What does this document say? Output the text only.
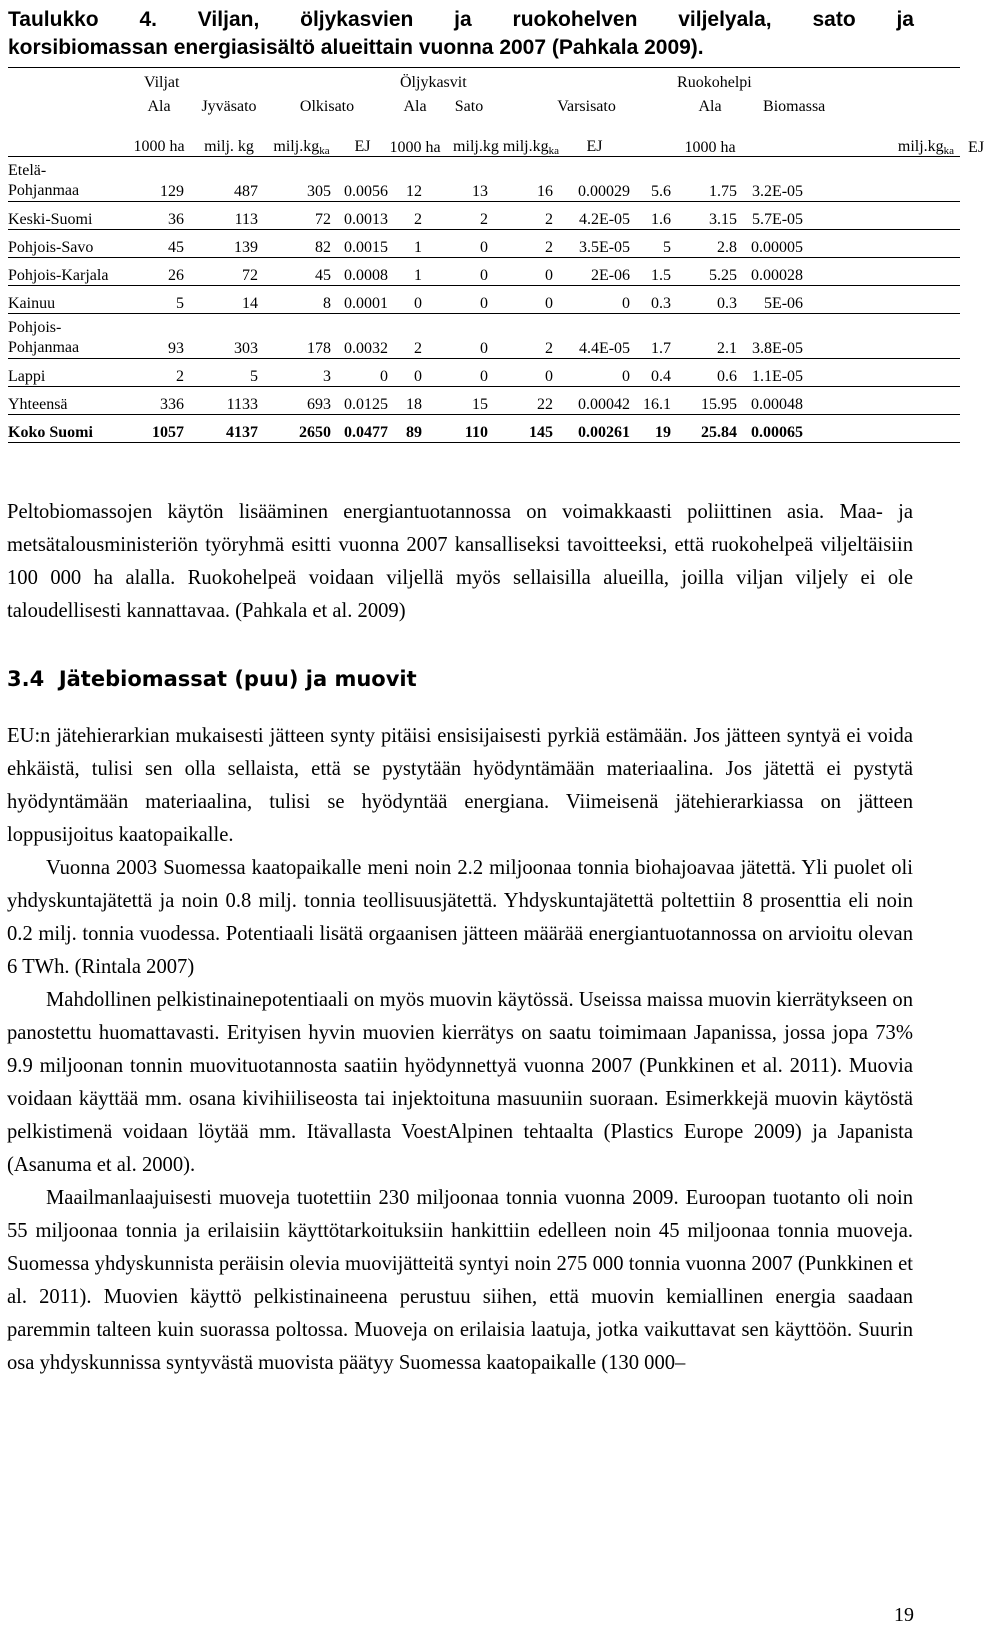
Taulukko 4. Viljan, öljykasvien ja ruokohelven viljelyala, sato ja
korsibiomassan energiasisältö alueittain vuonna 2007 (Pahkala 2009).
	Viljat				Öljykasvit					Ruokohelpi			
	Ala	Jyväsato	Olkisato		Ala	Sato	Varsisato			Ala	Biomassa		
	1000 ha	milj. kg	$milj.kg_{ka}$	EJ	1000 ha	milj.kg $milj.kg_{ka}$		EJ		1000 ha	$milj.kg_{ka}$		EJ
Etelä-
Pohjanmaa	129	487	305	0.0056	12	13	16	0.00029	5.6	1.75	3.2E-05		
Keski-Suomi	36	113	72	0.0013	2	2	2	4.2E-05	1.6	3.15	5.7E-05		
Pohjois-Savo	45	139	82	0.0015	1	0	2	3.5E-05	5	2.8	0.00005		
Pohjois-Karjala	26	72	45	0.0008	1	0	0	2E-06	1.5	5.25	0.00028		
Kainuu	5	14	8	0.0001	0	0	0	0	0.3	0.3	5E-06		
Pohjois-
Pohjanmaa	93	303	178	0.0032	2	0	2	4.4E-05	1.7	2.1	3.8E-05		
Lappi	2	5	3	0	0	0	0	0	0.4	0.6	1.1E-05		
Yhteensä	336	1133	693	0.0125	18	15	22	0.00042	16.1	15.95	0.00048		
Koko Suomi	1057	4137	2650	0.0477	89	110	145	0.00261	19	25.84	0.00065		
Peltobiomassojen käytön lisääminen energiantuotannossa on voimakkaasti poliittinen asia. Maa- ja metsätalousministeriön työryhmä esitti vuonna 2007 kansalliseksi tavoitteeksi, että ruokohelpeä viljeltäisiin 100 000 ha alalla. Ruokohelpeä voidaan viljellä myös sellaisilla alueilla, joilla viljan viljely ei ole taloudellisesti kannattavaa. (Pahkala et al. 2009)
3.4  Jätebiomassat (puu) ja muovit

EU:n jätehierarkian mukaisesti jätteen synty pitäisi ensisijaisesti pyrkiä estämään. Jos jätteen syntyä ei voida ehkäistä, tulisi sen olla sellaista, että se pystytään hyödyntämään materiaalina. Jos jätettä ei pystytä hyödyntämään materiaalina, tulisi se hyödyntää energiana. Viimeisenä jätehierarkiassa on jätteen loppusijoitus kaatopaikalle.

Vuonna 2003 Suomessa kaatopaikalle meni noin 2.2 miljoonaa tonnia biohajoavaa jätettä. Yli puolet oli yhdyskuntajätettä ja noin 0.8 milj. tonnia teollisuusjätettä. Yhdyskuntajätettä poltettiin 8 prosenttia eli noin 0.2 milj. tonnia vuodessa. Potentiaali lisätä orgaanisen jätteen määrää energiantuotannossa on arvioitu olevan 6 TWh. (Rintala 2007)

Mahdollinen pelkistinainepotentiaali on myös muovin käytössä. Useissa maissa muovin kierrätykseen on panostettu huomattavasti. Erityisen hyvin muovien kierrätys on saatu toimimaan Japanissa, jossa jopa 73% 9.9 miljoonan tonnin muovituotannosta saatiin hyödynnettyä vuonna 2007 (Punkkinen et al. 2011). Muovia voidaan käyttää mm. osana kivihiiliseosta tai injektoituna masuuniin suoraan. Esimerkkejä muovin käytöstä pelkistimenä voidaan löytää mm. Itävallasta VoestAlpinen tehtaalta (Plastics Europe 2009) ja Japanista (Asanuma et al. 2000).

Maailmanlaajuisesti muoveja tuotettiin 230 miljoonaa tonnia vuonna 2009. Euroopan tuotanto oli noin 55 miljoonaa tonnia ja erilaisiin käyttötarkoituksiin hankittiin edelleen noin 45 miljoonaa tonnia muoveja. Suomessa yhdyskunnista peräisin olevia muovijätteitä syntyi noin 275 000 tonnia vuonna 2007 (Punkkinen et al. 2011). Muovien käyttö pelkistinaineena perustuu siihen, että muovin kemiallinen energia saadaan paremmin talteen kuin suorassa poltossa. Muoveja on erilaisia laatuja, jotka vaikuttavat sen käyttöön. Suurin osa yhdyskunnissa syntyvästä muovista päätyy Suomessa kaatopaikalle (130 000–

19
